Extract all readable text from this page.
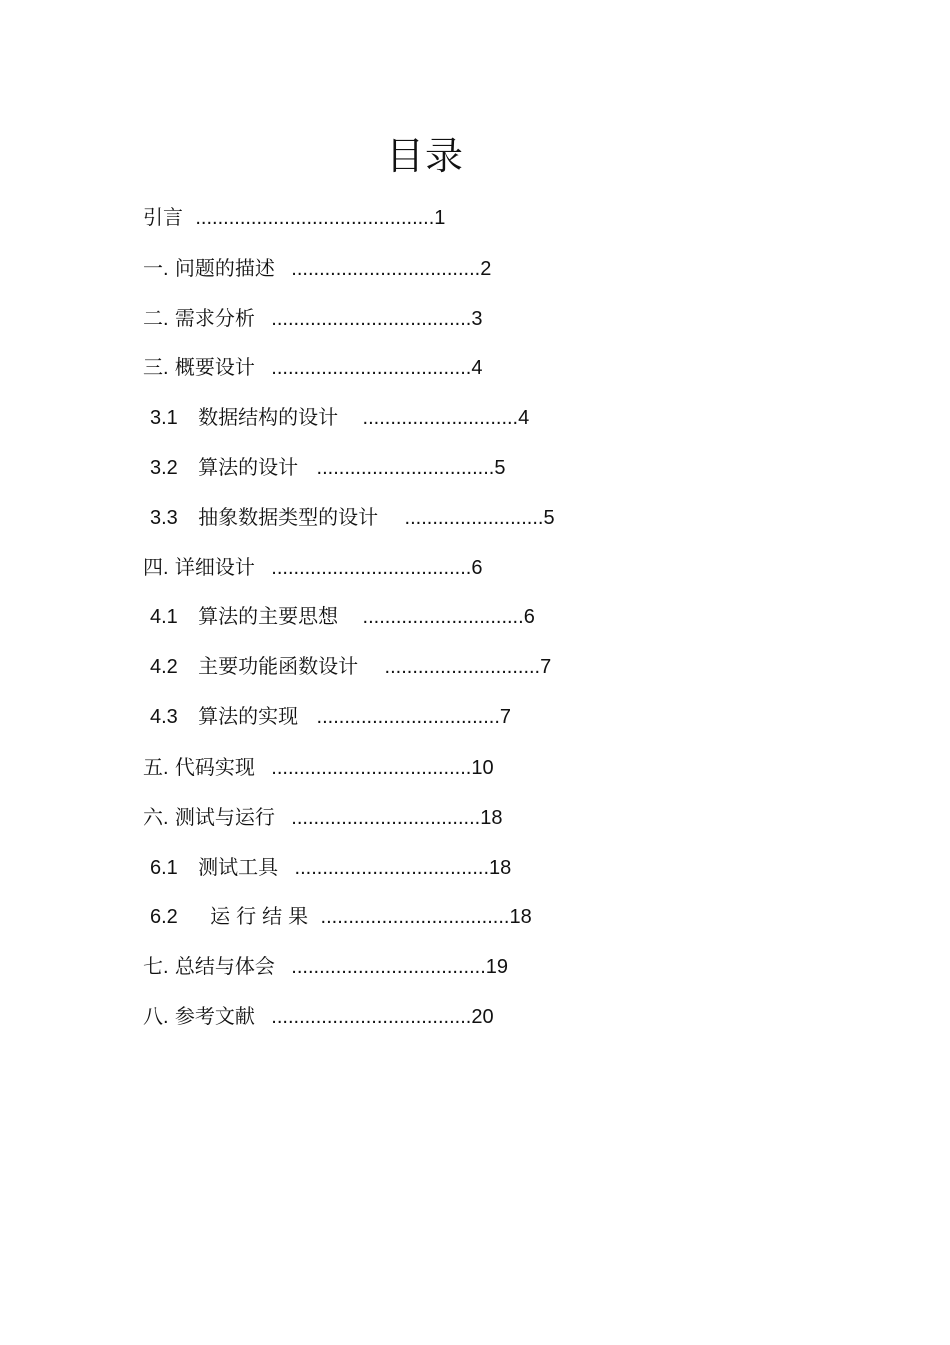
目录
引言 ...........................................1
一. 问题的描述 ..................................2
二. 需求分析 ....................................3
三. 概要设计 ....................................4
3.1 数据结构的设计 ............................4
3.2 算法的设计 ................................5
3.3 抽象数据类型的设计 .........................5
四. 详细设计 ....................................6
4.1 算法的主要思想 .............................6
4.2 主要功能函数设计 ............................7
4.3 算法的实现 .................................7
五. 代码实现 ....................................10
六. 测试与运行 ..................................18
6.1 测试工具 ...................................18
6.2 运行结果 ..................................18
七. 总结与体会 ...................................19
八. 参考文献 ....................................20
